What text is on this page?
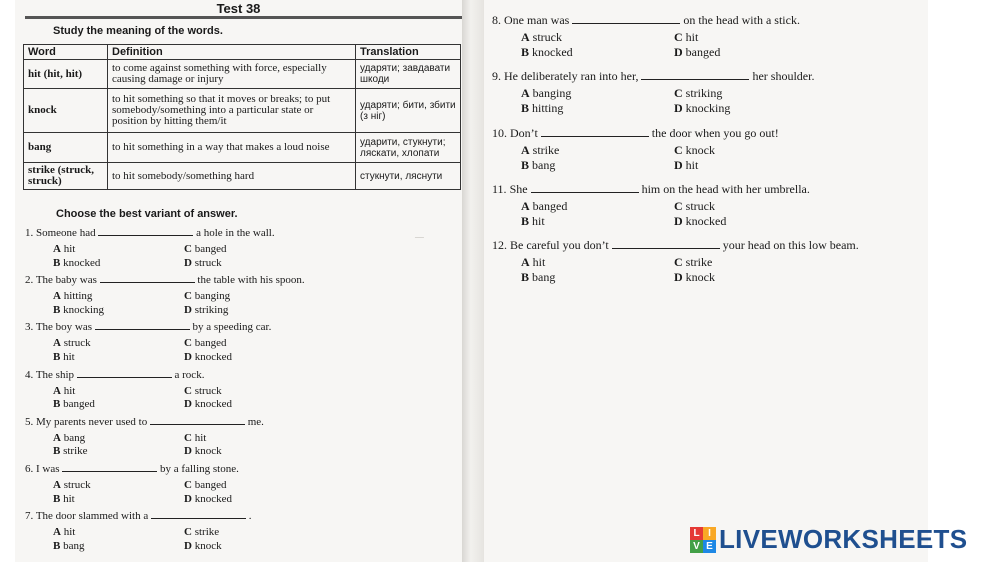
Test 38
Study the meaning of the words.
Word	Definition	Translation
hit (hit, hit)	to come against something with force, especially causing damage or injury	ударяти; завдавати шкоди
knock	to hit something so that it moves or breaks; to put somebody/something into a particular state or position by hitting them/it	ударяти; бити, збити (з ніг)
bang	to hit something in a way that makes a loud noise	ударити, стукнути; ляскати, хлопати
strike (struck, struck)	to hit somebody/something hard	стукнути, ляснути
Choose the best variant of answer.
1. Someone had	a hole in the wall.
A hit	C banged
B knocked	D struck
2. The baby was	the table with his spoon.
A hitting	C banging
B knocking	D striking
3. The boy was	by a speeding car.
A struck	C banged
B hit	D knocked
4. The ship	a rock.
A hit	C struck
B banged	D knocked
5. My parents never used to	me.
A bang	C hit
B strike	D knock
6. I was	by a falling stone.
A struck	C banged
B hit	D knocked
7. The door slammed with a	.
A hit	C strike
B bang	D knock
—
8. One man was	on the head with a stick.
A struck	C hit
B knocked	D banged
9. He deliberately ran into her,	her shoulder.
A banging	C striking
B hitting	D knocking
10. Don’t	the door when you go out!
A strike	C knock
B bang	D hit
11. She	him on the head with her umbrella.
A banged	C struck
B hit	D knocked
12. Be careful you don’t	your head on this low beam.
A hit	C strike
B bang	D knock
L I
V E LIVEWORKSHEETS
